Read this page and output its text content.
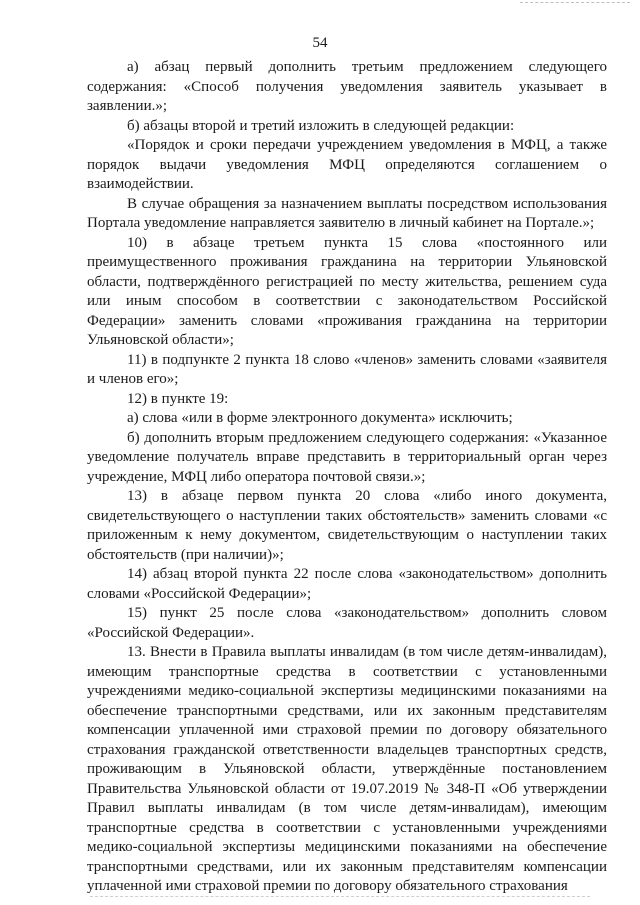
54

а) абзац первый дополнить третьим предложением следующего содержания: «Способ получения уведомления заявитель указывает в заявлении.»;

б) абзацы второй и третий изложить в следующей редакции:

«Порядок и сроки передачи учреждением уведомления в МФЦ, а также порядок выдачи уведомления МФЦ определяются соглашением о взаимодействии.

В случае обращения за назначением выплаты посредством использования Портала уведомление направляется заявителю в личный кабинет на Портале.»;

10) в абзаце третьем пункта 15 слова «постоянного или преимущественного проживания гражданина на территории Ульяновской области, подтверждённого регистрацией по месту жительства, решением суда или иным способом в соответствии с законодательством Российской Федерации» заменить словами «проживания гражданина на территории Ульяновской области»;

11) в подпункте 2 пункта 18 слово «членов» заменить словами «заявителя и членов его»;

12) в пункте 19:

а) слова «или в форме электронного документа» исключить;

б) дополнить вторым предложением следующего содержания: «Указанное уведомление получатель вправе представить в территориальный орган через учреждение, МФЦ либо оператора почтовой связи.»;

13) в абзаце первом пункта 20 слова «либо иного документа, свидетельствующего о наступлении таких обстоятельств» заменить словами «с приложенным к нему документом, свидетельствующим о наступлении таких обстоятельств (при наличии)»;

14) абзац второй пункта 22 после слова «законодательством» дополнить словами «Российской Федерации»;

15) пункт 25 после слова «законодательством» дополнить словом «Российской Федерации».

13. Внести в Правила выплаты инвалидам (в том числе детям-инвалидам), имеющим транспортные средства в соответствии с установленными учреждениями медико-социальной экспертизы медицинскими показаниями на обеспечение транспортными средствами, или их законным представителям компенсации уплаченной ими страховой премии по договору обязательного страхования гражданской ответственности владельцев транспортных средств, проживающим в Ульяновской области, утверждённые постановлением Правительства Ульяновской области от 19.07.2019 № 348-П «Об утверждении Правил выплаты инвалидам (в том числе детям-инвалидам), имеющим транспортные средства в соответствии с установленными учреждениями медико-социальной экспертизы медицинскими показаниями на обеспечение транспортными средствами, или их законным представителям компенсации уплаченной ими страховой премии по договору обязательного страхования
